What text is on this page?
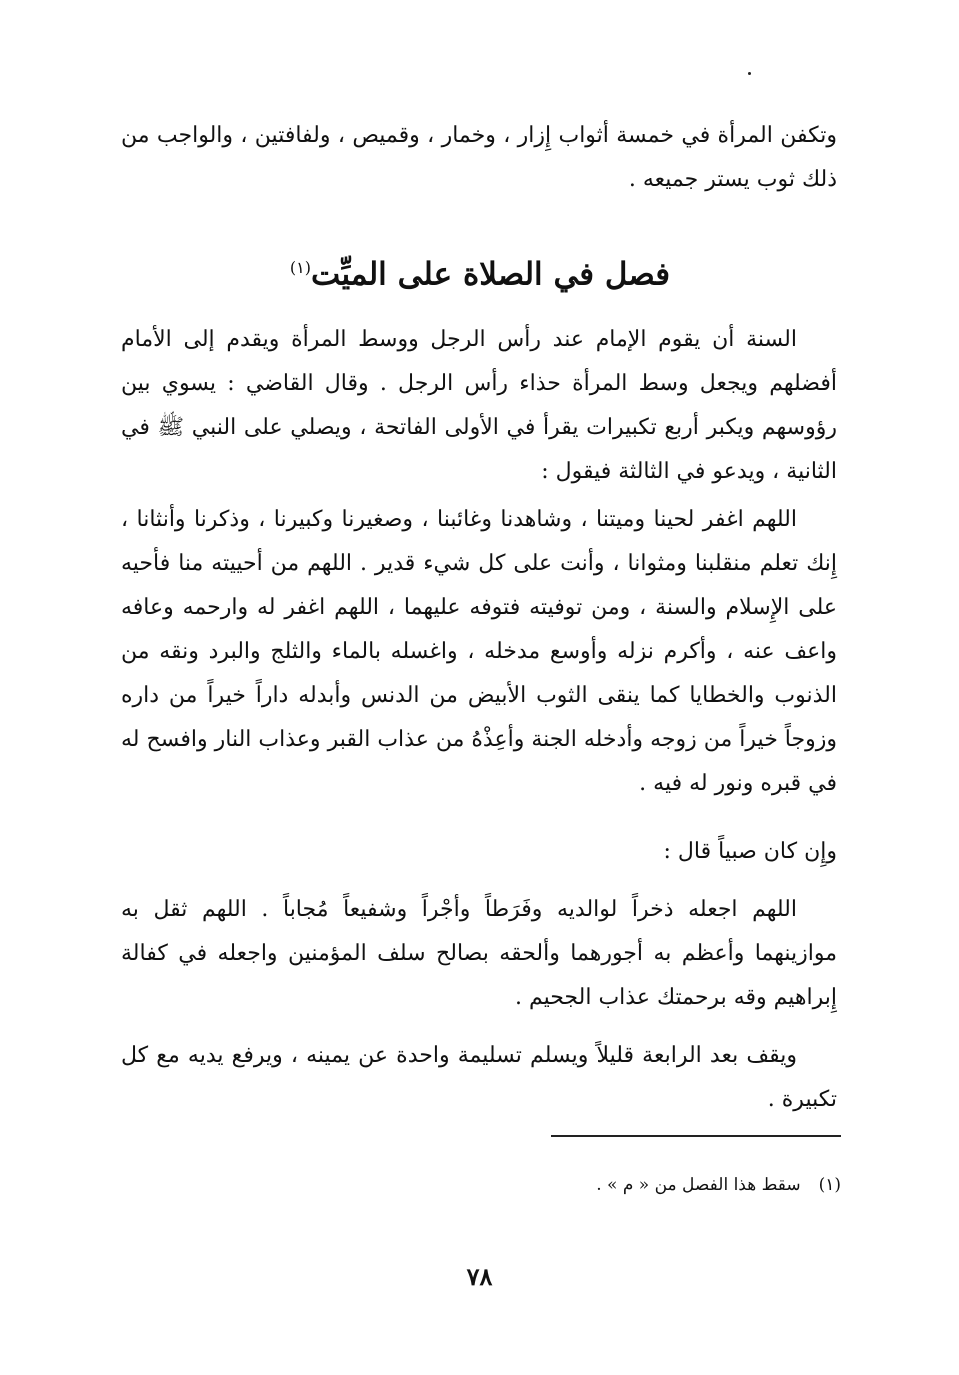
وتكفن المرأة في خمسة أثواب إِزار ، وخمار ، وقميص ، ولفافتين ، والواجب من ذلك ثوب يستر جميعه .

فصل في الصلاة على الميِّت$^{(١)}$

السنة أن يقوم الإمام عند رأس الرجل ووسط المرأة ويقدم إلى الأمام أفضلهم ويجعل وسط المرأة حذاء رأس الرجل . وقال القاضي : يسوي بين رؤوسهم ويكبر أربع تكبيرات يقرأ في الأولى الفاتحة ، ويصلي على النبي ﷺ في الثانية ، ويدعو في الثالثة فيقول :

اللهم اغفر لحينا وميتنا ، وشاهدنا وغائبنا ، وصغيرنا وكبيرنا ، وذكرنا وأنثانا ، إِنك تعلم منقلبنا ومثوانا ، وأنت على كل شيء قدير . اللهم من أحييته منا فأحيه على الإِسلام والسنة ، ومن توفيته فتوفه عليهما ، اللهم اغفر له وارحمه وعافه واعف عنه ، وأكرم نزله وأوسع مدخله ، واغسله بالماء والثلج والبرد ونقه من الذنوب والخطايا كما ينقى الثوب الأبيض من الدنس وأبدله داراً خيراً من داره وزوجاً خيراً من زوجه وأدخله الجنة وأعِذْهُ من عذاب القبر وعذاب النار وافسح له في قبره ونور له فيه .

وإِن كان صبياً قال :

اللهم اجعله ذخراً لوالديه وفَرَطاً وأجْراً وشفيعاً مُجاباً . اللهم ثقل به موازينهما وأعظم به أجورهما وألحقه بصالح سلف المؤمنين واجعله في كفالة إِبراهيم وقه برحمتك عذاب الجحيم .

ويقف بعد الرابعة قليلاً ويسلم تسليمة واحدة عن يمينه ، ويرفع يديه مع كل تكبيرة .

(١)سقط هذا الفصل من « م » .
٧٨
